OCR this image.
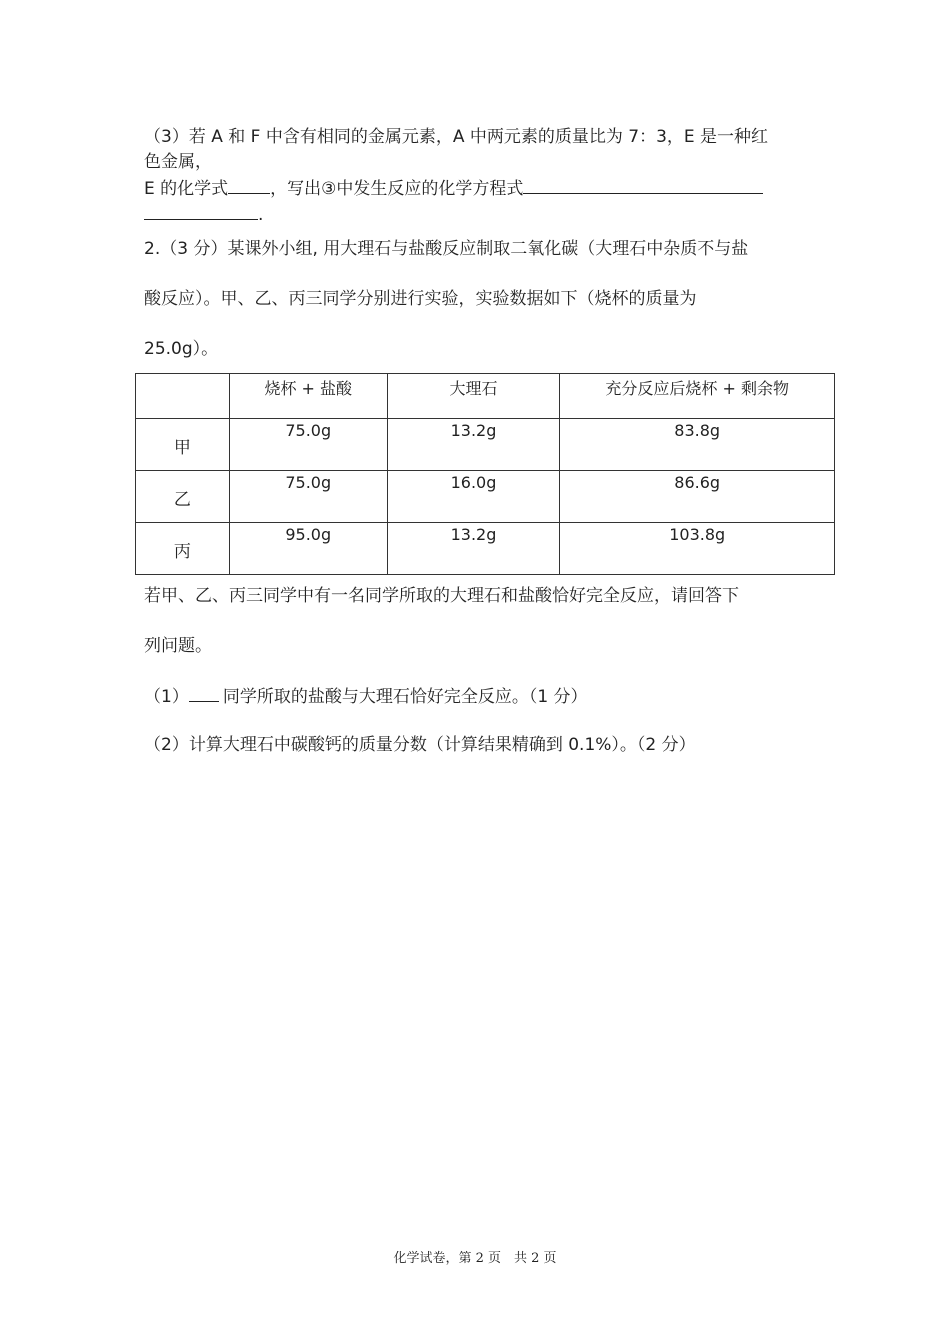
（3）若 A 和 F 中含有相同的金属元素，A 中两元素的质量比为 7：3，E 是一种红
色金属，
E 的化学式 ，写出③中发生反应的化学方程式
.
2.（3 分）某课外小组, 用大理石与盐酸反应制取二氧化碳（大理石中杂质不与盐
酸反应）。甲、乙、丙三同学分别进行实验，实验数据如下（烧杯的质量为
25.0g）。
	烧杯 + 盐酸	大理石	充分反应后烧杯 + 剩余物
甲	75.0g	13.2g	83.8g
乙	75.0g	16.0g	86.6g
丙	95.0g	13.2g	103.8g
若甲、乙、丙三同学中有一名同学所取的大理石和盐酸恰好完全反应，请回答下
列问题。
（1） 同学所取的盐酸与大理石恰好完全反应。（1 分）
（2）计算大理石中碳酸钙的质量分数（计算结果精确到 0.1%）。（2 分）
化学试卷，第 2 页　共 2 页
